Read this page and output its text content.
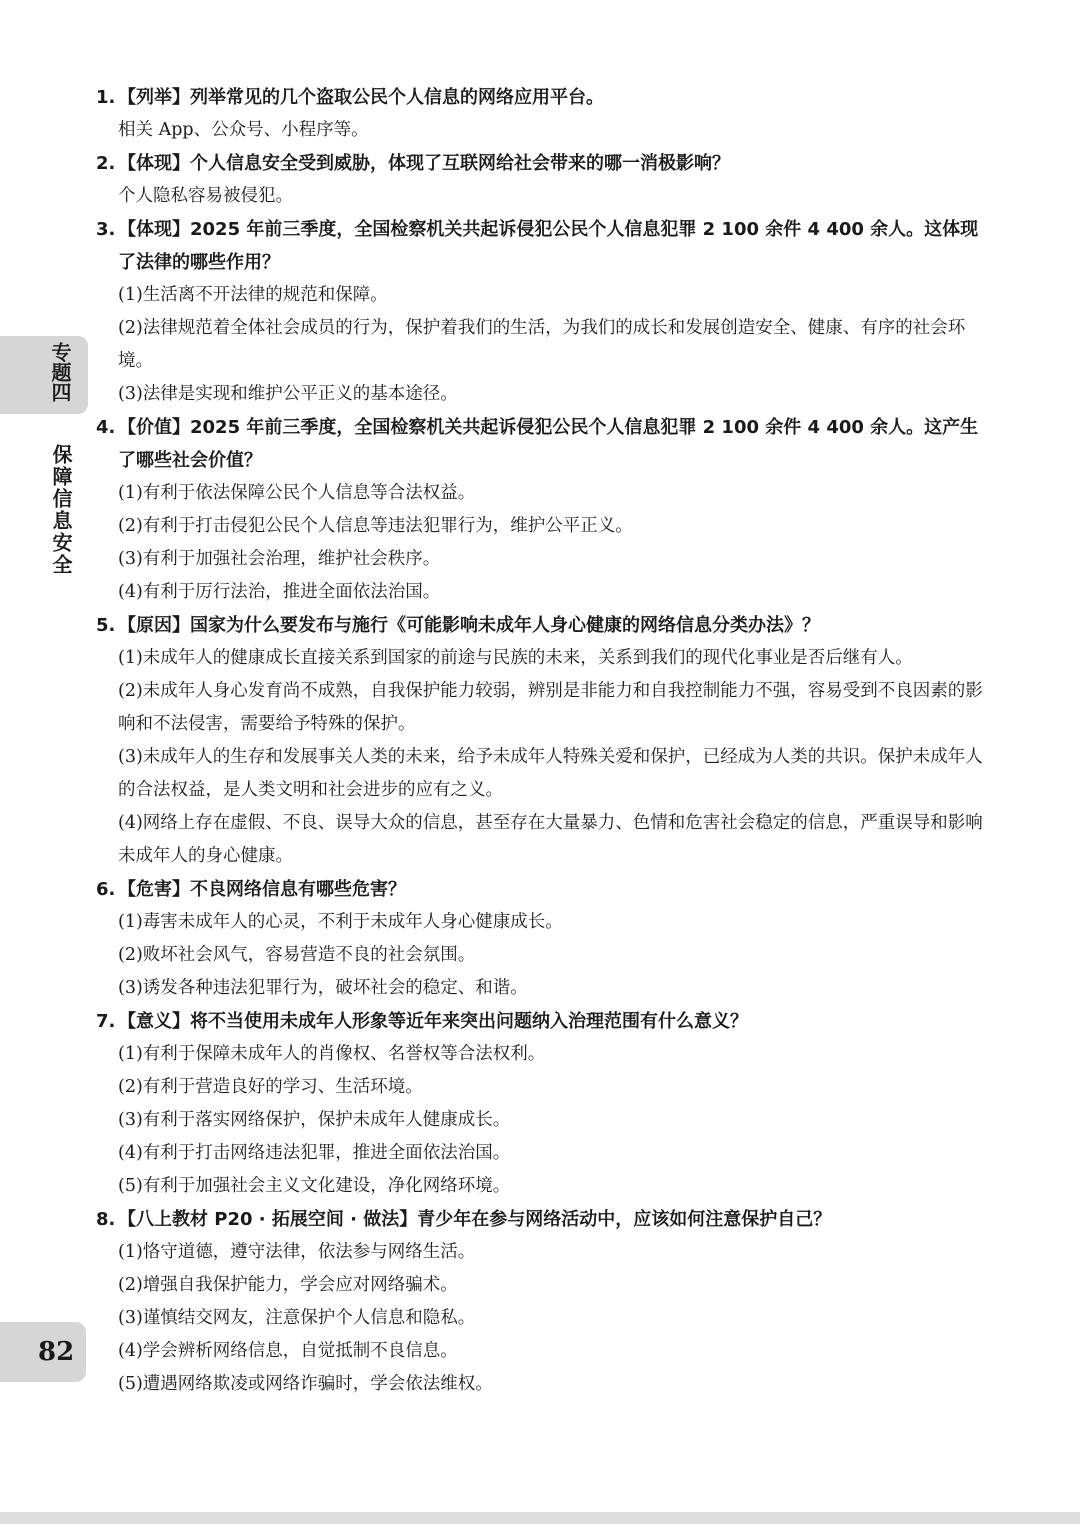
专题四
保障信息安全
82
1. 【列举】列举常见的几个盗取公民个人信息的网络应用平台。
相关 App、公众号、小程序等。
2. 【体现】个人信息安全受到威胁，体现了互联网给社会带来的哪一消极影响？
个人隐私容易被侵犯。
3. 【体现】2025 年前三季度，全国检察机关共起诉侵犯公民个人信息犯罪 2 100 余件 4 400 余人。这体现了法律的哪些作用？
(1)生活离不开法律的规范和保障。
(2)法律规范着全体社会成员的行为，保护着我们的生活，为我们的成长和发展创造安全、健康、有序的社会环境。
(3)法律是实现和维护公平正义的基本途径。
4. 【价值】2025 年前三季度，全国检察机关共起诉侵犯公民个人信息犯罪 2 100 余件 4 400 余人。这产生了哪些社会价值？
(1)有利于依法保障公民个人信息等合法权益。
(2)有利于打击侵犯公民个人信息等违法犯罪行为，维护公平正义。
(3)有利于加强社会治理，维护社会秩序。
(4)有利于厉行法治，推进全面依法治国。
5. 【原因】国家为什么要发布与施行《可能影响未成年人身心健康的网络信息分类办法》？
(1)未成年人的健康成长直接关系到国家的前途与民族的未来，关系到我们的现代化事业是否后继有人。
(2)未成年人身心发育尚不成熟，自我保护能力较弱，辨别是非能力和自我控制能力不强，容易受到不良因素的影响和不法侵害，需要给予特殊的保护。
(3)未成年人的生存和发展事关人类的未来，给予未成年人特殊关爱和保护，已经成为人类的共识。保护未成年人的合法权益，是人类文明和社会进步的应有之义。
(4)网络上存在虚假、不良、误导大众的信息，甚至存在大量暴力、色情和危害社会稳定的信息，严重误导和影响未成年人的身心健康。
6. 【危害】不良网络信息有哪些危害？
(1)毒害未成年人的心灵，不利于未成年人身心健康成长。
(2)败坏社会风气，容易营造不良的社会氛围。
(3)诱发各种违法犯罪行为，破坏社会的稳定、和谐。
7. 【意义】将不当使用未成年人形象等近年来突出问题纳入治理范围有什么意义？
(1)有利于保障未成年人的肖像权、名誉权等合法权利。
(2)有利于营造良好的学习、生活环境。
(3)有利于落实网络保护，保护未成年人健康成长。
(4)有利于打击网络违法犯罪，推进全面依法治国。
(5)有利于加强社会主义文化建设，净化网络环境。
8. 【八上教材 P20 · 拓展空间 · 做法】青少年在参与网络活动中，应该如何注意保护自己？
(1)恪守道德，遵守法律，依法参与网络生活。
(2)增强自我保护能力，学会应对网络骗术。
(3)谨慎结交网友，注意保护个人信息和隐私。
(4)学会辨析网络信息，自觉抵制不良信息。
(5)遭遇网络欺凌或网络诈骗时，学会依法维权。
